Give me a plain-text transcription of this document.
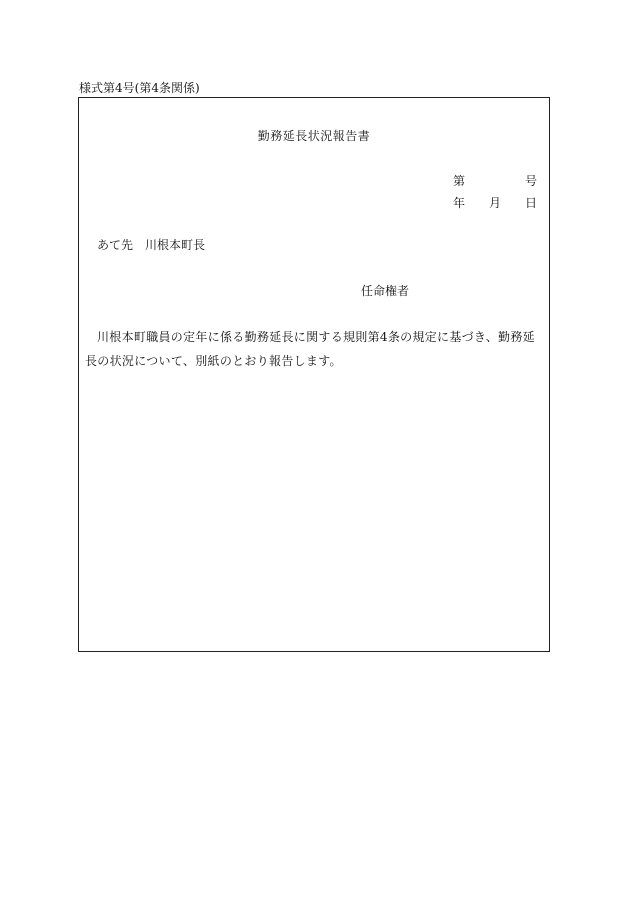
様式第4号(第4条関係)
勤務延長状況報告書
第	号
年 月 日
あて先　川根本町長
任命権者
川根本町職員の定年に係る勤務延長に関する規則第4条の規定に基づき、勤務延長の状況について、別紙のとおり報告します。
